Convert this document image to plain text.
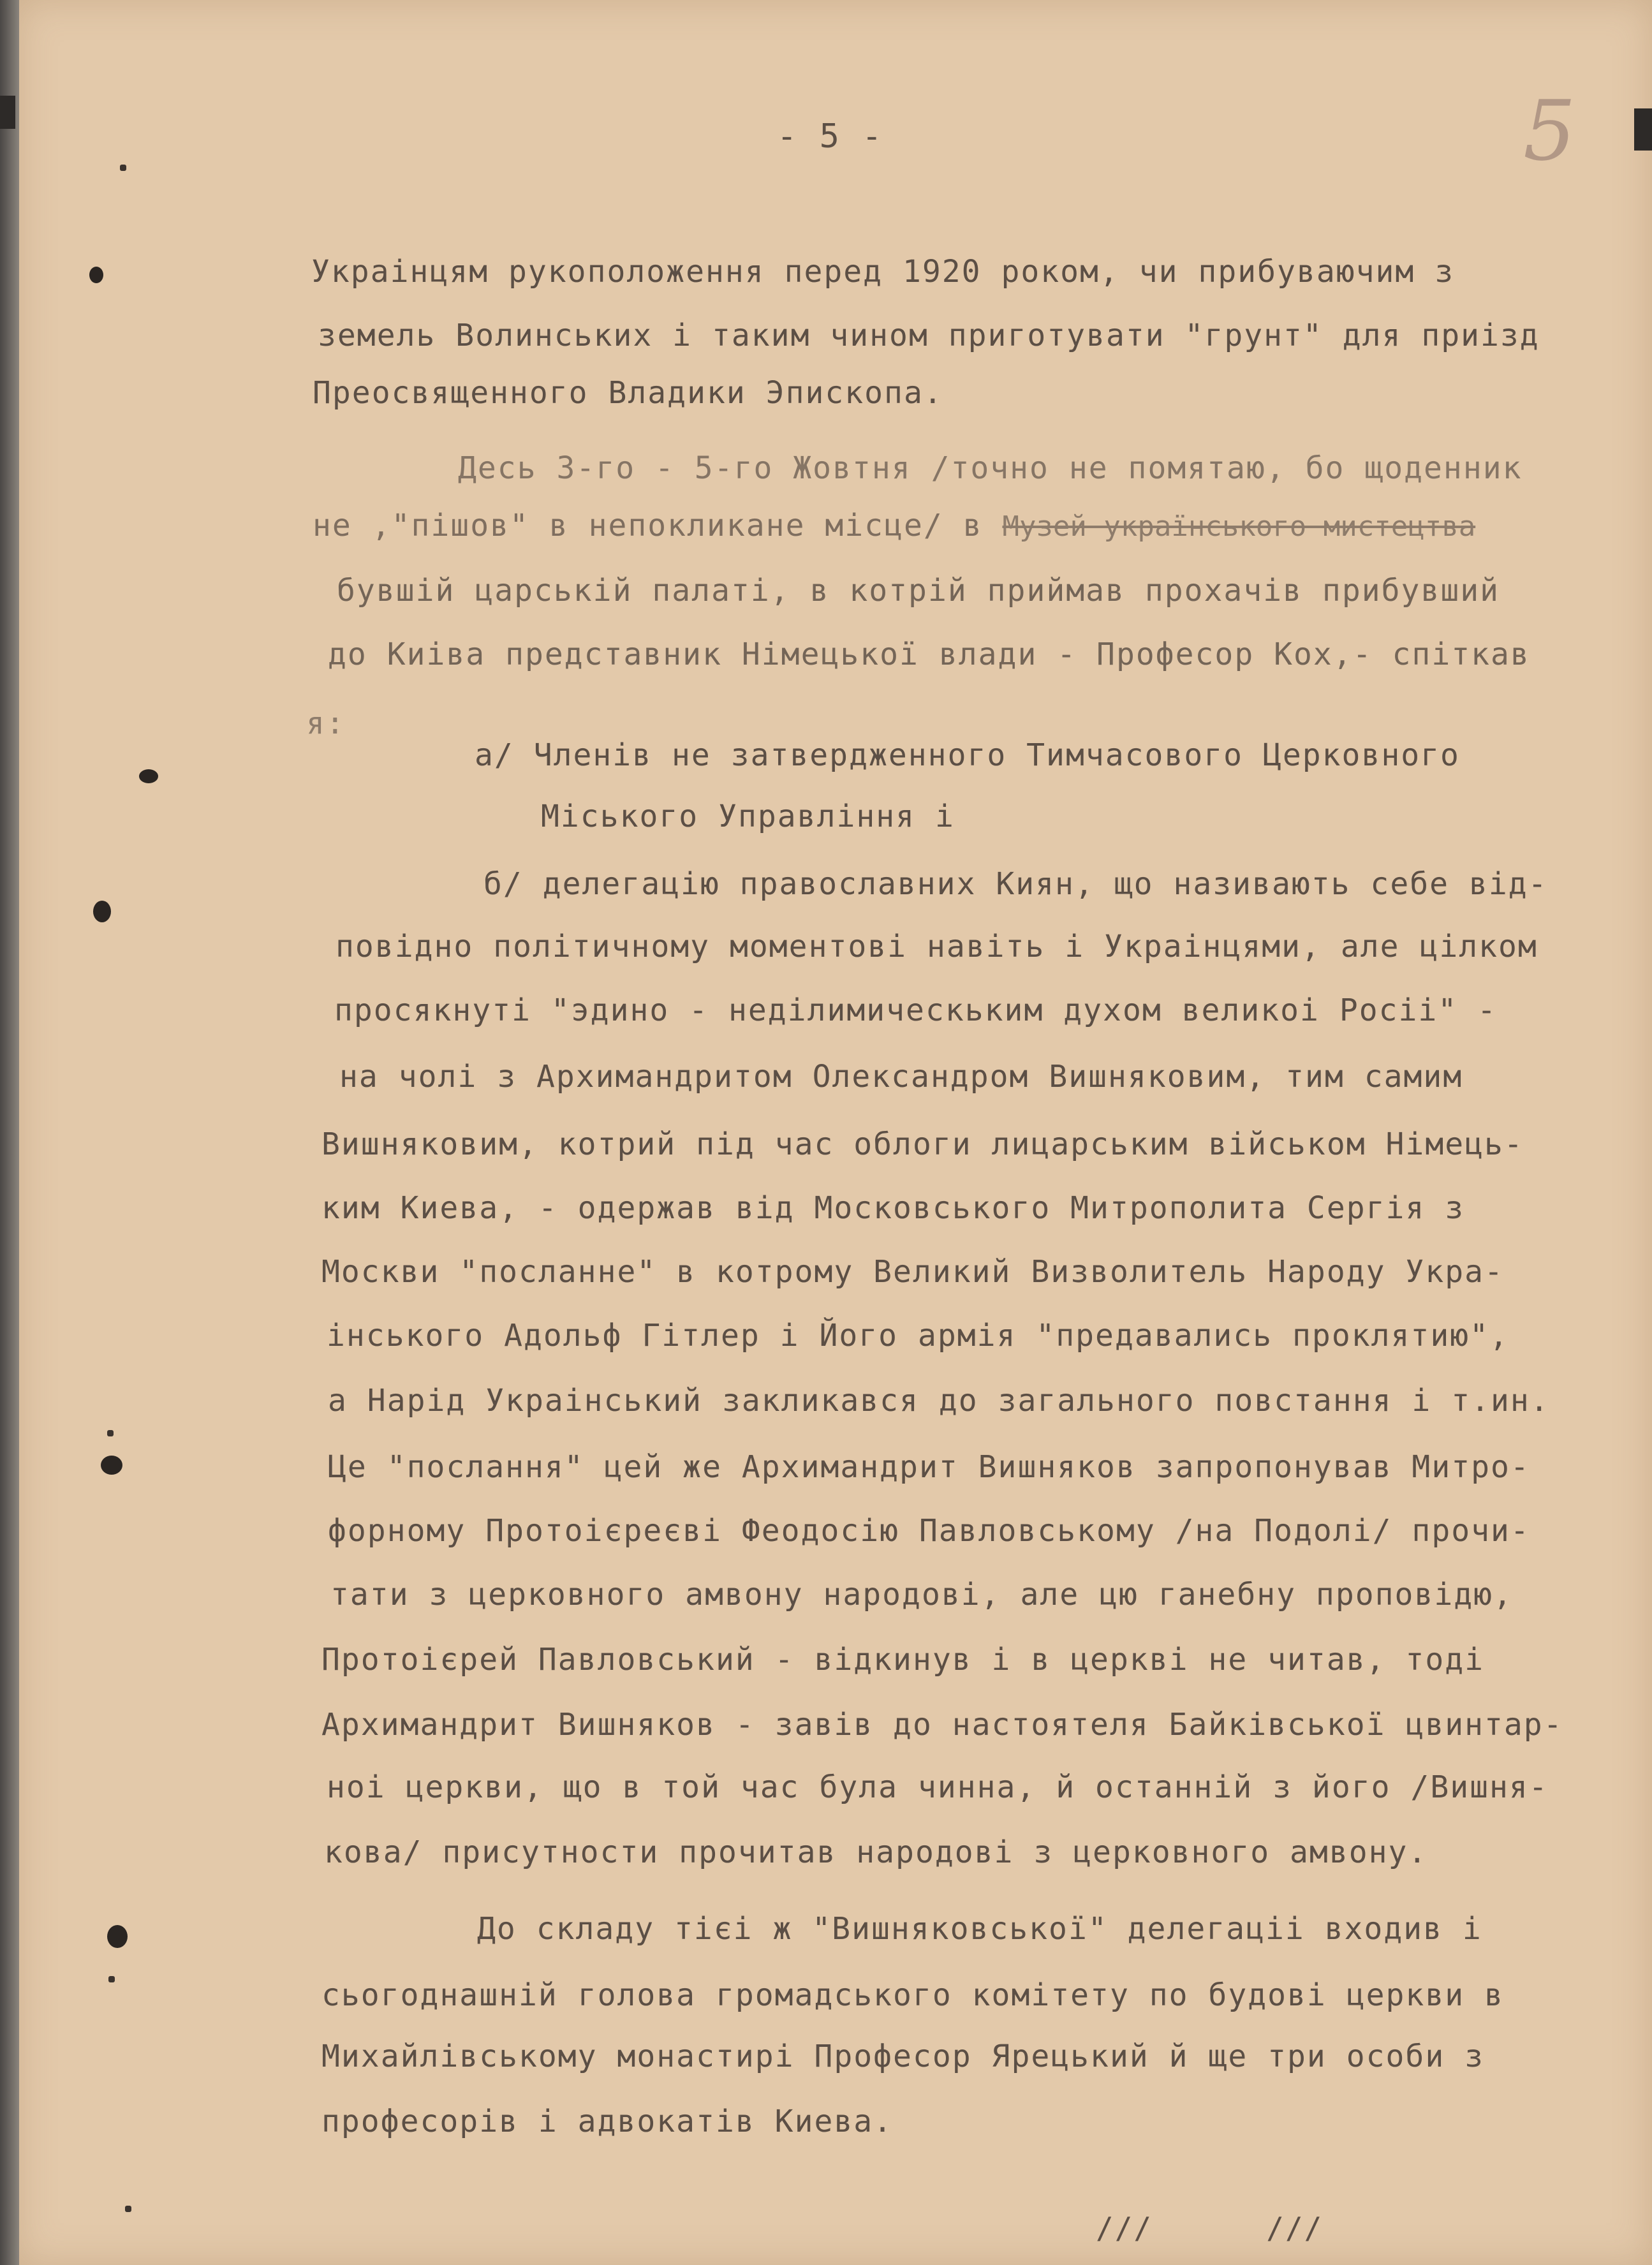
5
- 5 -
Украінцям рукоположення перед 1920 роком, чи прибуваючим з
земель Волинських і таким чином приготувати "грунт" для приізд
Преосвященного Владики Эпископа.
Десь 3-го - 5-го Жовтня /точно не помятаю, бо щоденник
не ,"пішов" в непокликане місце/ в Музей українського мистецтва
бувшій царській палаті, в котрій приймав прохачів прибувший
до Киіва представник Німецької влади - Професор Кох,- спіткав
я:
а/ Членів не затвердженного Тимчасового Церковного
Міського Управління і
б/ делегацію православних Киян, що називають себе від-
повідно політичному моментові навіть і Украінцями, але цілком
просякнуті "эдино - неділимическьким духом великоі Росіі" -
на чолі з Архимандритом Олександром Вишняковим, тим самим
Вишняковим, котрий під час облоги лицарським військом Німець-
ким Киева, - одержав від Московського Митрополита Сергія з
Москви "посланне" в котрому Великий Визволитель Народу Укра-
інського Адольф Гітлер і Його армія "предавались проклятию",
а Нарід Украінський закликався до загального повстання і т.ин.
Це "послання" цей же Архимандрит Вишняков запропонував Митро-
форному Протоієреєві Феодосію Павловському /на Подолі/ прочи-
тати з церковного амвону народові, але цю ганебну проповідю,
Протоієрей Павловський - відкинув і в церкві не читав, тоді
Архимандрит Вишняков - завів до настоятеля Байківської цвинтар-
ноі церкви, що в той час була чинна, й останній з його /Вишня-
кова/ присутности прочитав народові з церковного амвону.
До складу тієі ж "Вишняковської" делегаціі входив і
сьогоднашній голова громадського комітету по будові церкви в
Михайлівському монастирі Професор Ярецький й ще три особи з
професорів і адвокатів Киева.
///      ///
